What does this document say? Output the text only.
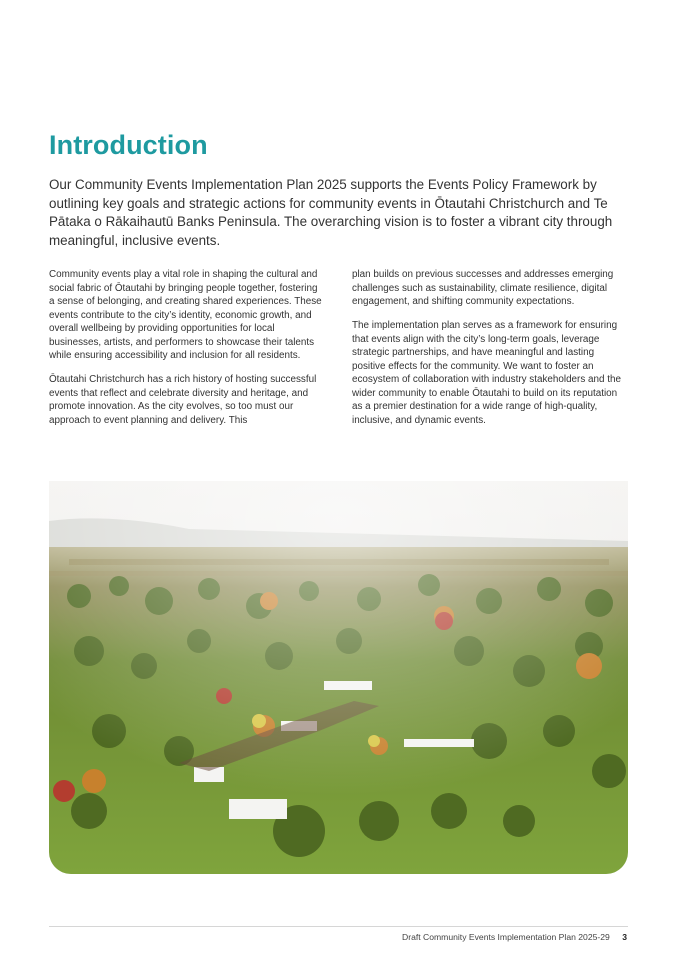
Introduction

Our Community Events Implementation Plan 2025 supports the Events Policy Framework by outlining key goals and strategic actions for community events in Ōtautahi Christchurch and Te Pātaka o Rākaihautū Banks Peninsula. The overarching vision is to foster a vibrant city through meaningful, inclusive events.

Community events play a vital role in shaping the cultural and social fabric of Ōtautahi by bringing people together, fostering a sense of belonging, and creating shared experiences. These events contribute to the city’s identity, economic growth, and overall wellbeing by providing opportunities for local businesses, artists, and performers to showcase their talents while ensuring accessibility and inclusion for all residents.

Ōtautahi Christchurch has a rich history of hosting successful events that reflect and celebrate diversity and heritage, and promote innovation. As the city evolves, so too must our approach to event planning and delivery. This

plan builds on previous successes and addresses emerging challenges such as sustainability, climate resilience, digital engagement, and shifting community expectations.

The implementation plan serves as a framework for ensuring that events align with the city’s long-term goals, leverage strategic partnerships, and have meaningful and lasting positive effects for the community. We want to foster an ecosystem of collaboration with industry stakeholders and the wider community to enable Ōtautahi to build on its reputation as a premier destination for a wide range of high-quality, inclusive, and dynamic events.

Draft Community Events Implementation Plan 2025-29 3
